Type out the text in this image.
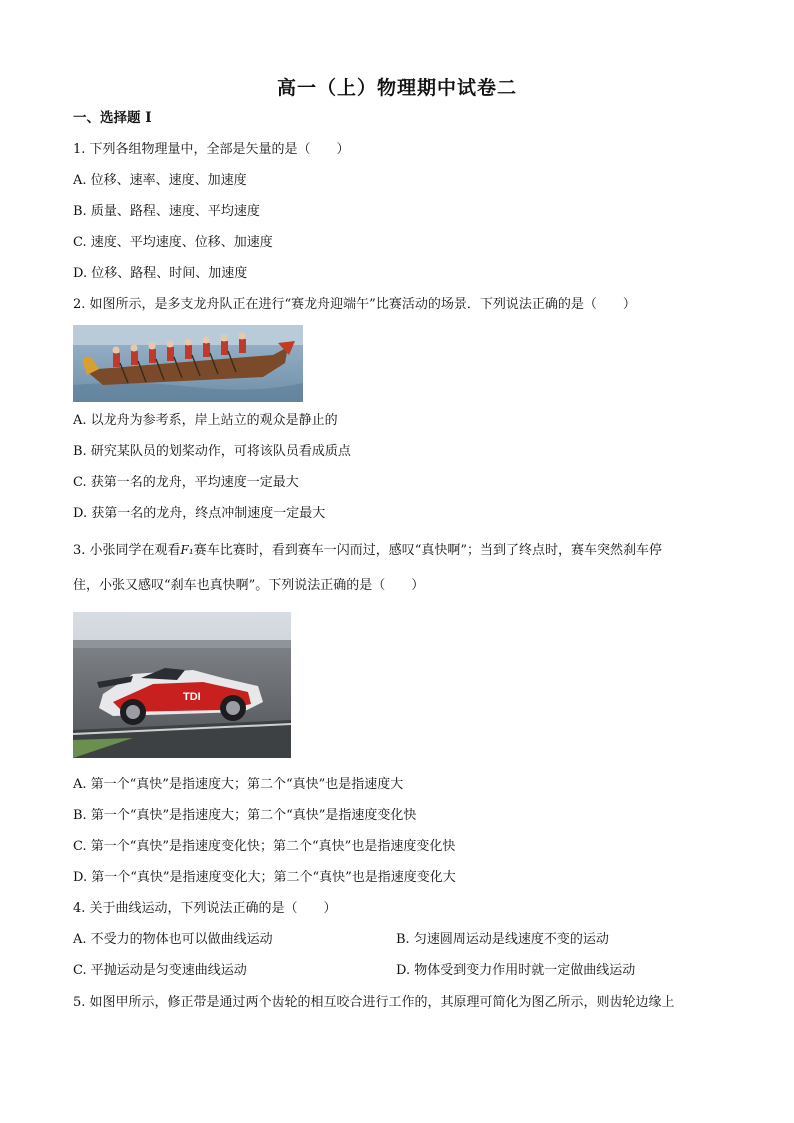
高一（上）物理期中试卷二
一、选择题 I
1. 下列各组物理量中，全部是矢量的是（　　）
A. 位移、速率、速度、加速度
B. 质量、路程、速度、平均速度
C. 速度、平均速度、位移、加速度
D. 位移、路程、时间、加速度
2. 如图所示，是多支龙舟队正在进行“赛龙舟迎端午”比赛活动的场景．下列说法正确的是（　　）
A. 以龙舟为参考系，岸上站立的观众是静止的
B. 研究某队员的划桨动作，可将该队员看成质点
C. 获第一名的龙舟，平均速度一定最大
D. 获第一名的龙舟，终点冲制速度一定最大
3. 小张同学在观看F₁赛车比赛时，看到赛车一闪而过，感叹“真快啊”；当到了终点时，赛车突然刹车停
住，小张又感叹“刹车也真快啊”。下列说法正确的是（　　）
TDI
A. 第一个“真快”是指速度大；第二个“真快”也是指速度大
B. 第一个“真快”是指速度大；第二个“真快”是指速度变化快
C. 第一个“真快”是指速度变化快；第二个“真快”也是指速度变化快
D. 第一个“真快”是指速度变化大；第二个“真快”也是指速度变化大
4. 关于曲线运动，下列说法正确的是（　　）
A. 不受力的物体也可以做曲线运动	B. 匀速圆周运动是线速度不变的运动
C. 平抛运动是匀变速曲线运动	D. 物体受到变力作用时就一定做曲线运动
5. 如图甲所示，修正带是通过两个齿轮的相互咬合进行工作的，其原理可简化为图乙所示，则齿轮边缘上
